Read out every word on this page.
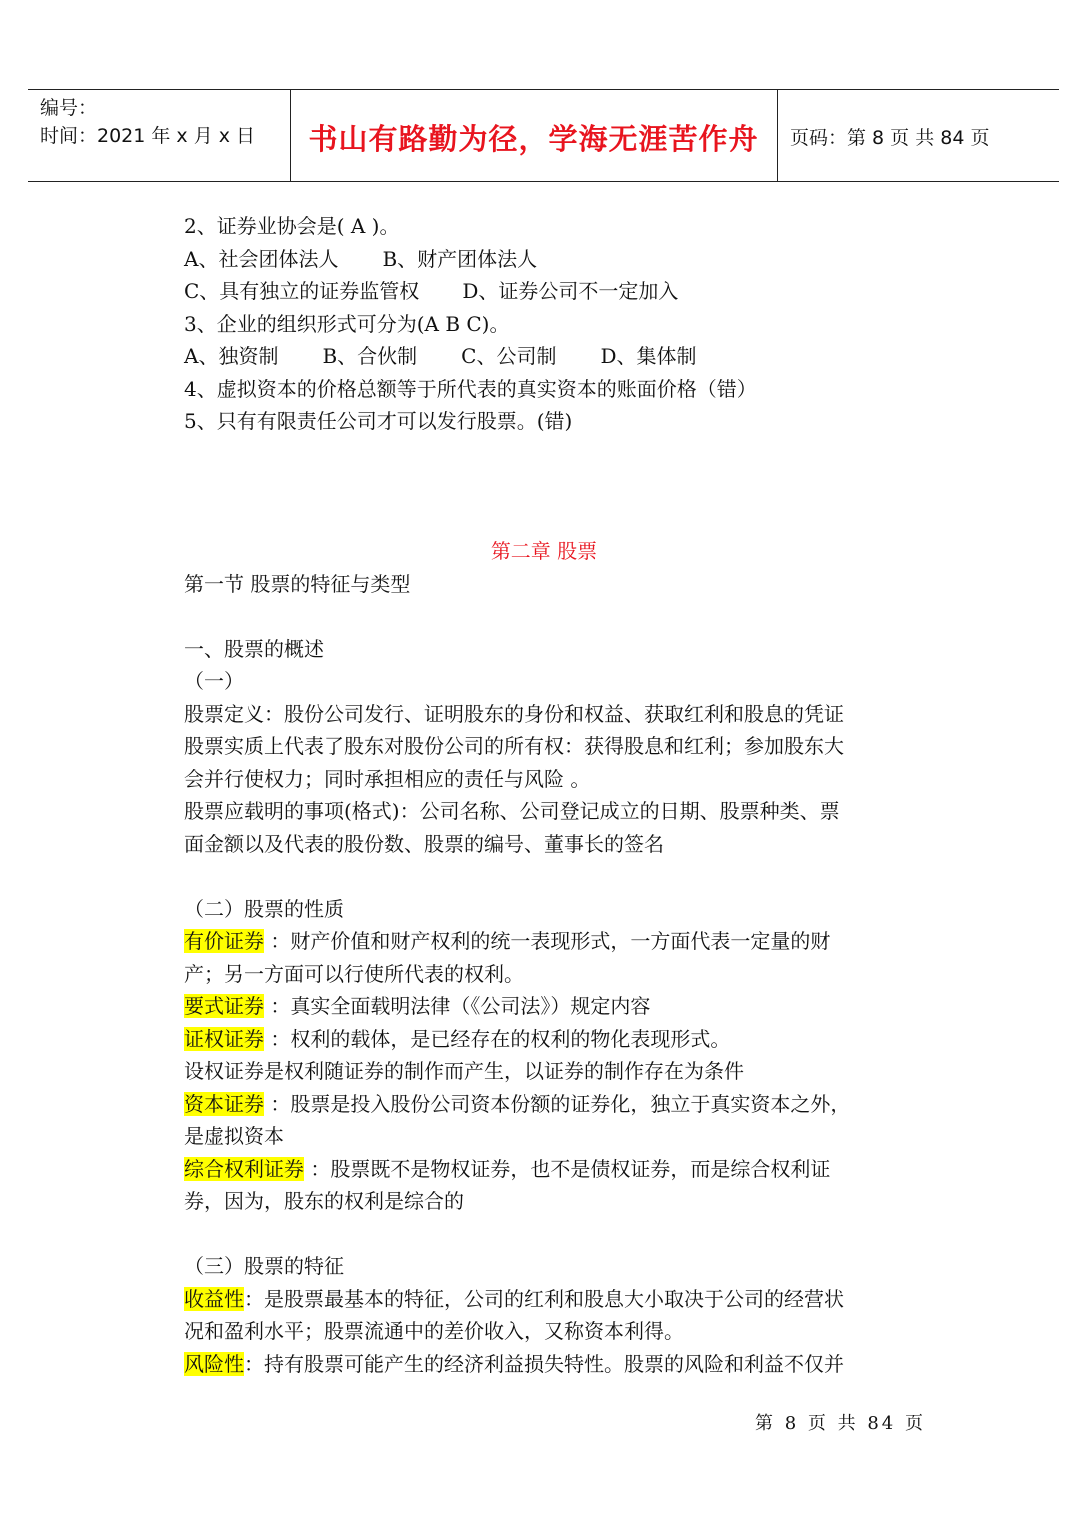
编号：
时间：2021 年 x 月 x 日	书山有路勤为径，学海无涯苦作舟	页码：第 8 页 共 84 页
2、证券业协会是( A )。
A、社会团体法人 B、财产团体法人
C、具有独立的证券监管权 D、证券公司不一定加入
3、企业的组织形式可分为(A B C)。
A、独资制 B、合伙制 C、公司制 D、集体制
4、虚拟资本的价格总额等于所代表的真实资本的账面价格（错）
5、只有有限责任公司才可以发行股票。(错)
第二章 股票
第一节 股票的特征与类型
一、股票的概述
（一）
股票定义：股份公司发行、证明股东的身份和权益、获取红利和股息的凭证
股票实质上代表了股东对股份公司的所有权：获得股息和红利；参加股东大
会并行使权力；同时承担相应的责任与风险 。
股票应载明的事项(格式)：公司名称、公司登记成立的日期、股票种类、票
面金额以及代表的股份数、股票的编号、董事长的签名
（二）股票的性质
有价证券 ：财产价值和财产权利的统一表现形式，一方面代表一定量的财
产；另一方面可以行使所代表的权利。
要式证券 ：真实全面载明法律（《公司法》）规定内容
证权证券 ：权利的载体，是已经存在的权利的物化表现形式。
设权证券是权利随证券的制作而产生，以证券的制作存在为条件
资本证券 ：股票是投入股份公司资本份额的证券化，独立于真实资本之外，
是虚拟资本
综合权利证券 ：股票既不是物权证券，也不是债权证券，而是综合权利证
券，因为，股东的权利是综合的
（三）股票的特征
收益性：是股票最基本的特征，公司的红利和股息大小取决于公司的经营状
况和盈利水平；股票流通中的差价收入，又称资本利得。
风险性：持有股票可能产生的经济利益损失特性。股票的风险和利益不仅并
第 8 页 共 84 页
